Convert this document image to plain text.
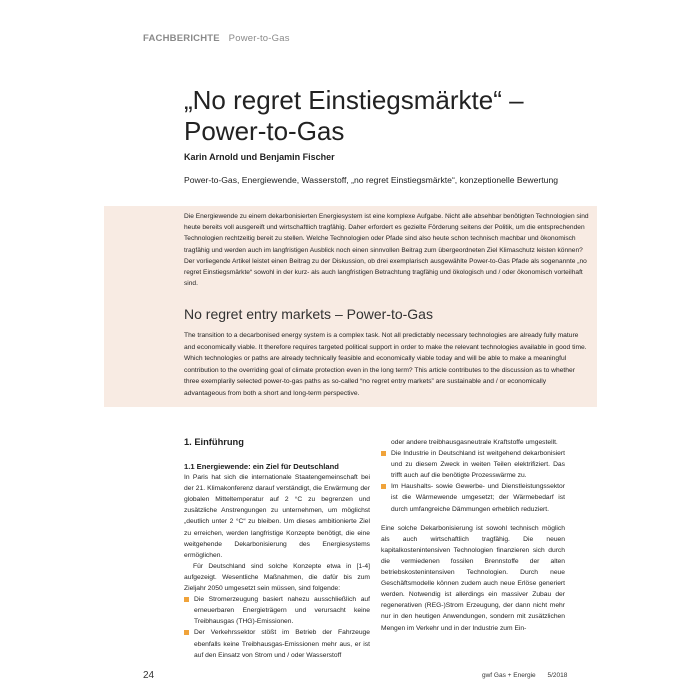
FACHBERICHTE Power-to-Gas
„No regret Einstiegsmärkte“ –
Power-to-Gas
Karin Arnold und Benjamin Fischer
Power-to-Gas, Energiewende, Wasserstoff, „no regret Einstiegsmärkte“, konzeptionelle Bewertung
Die Energiewende zu einem dekarbonisierten Energiesystem ist eine komplexe Aufgabe. Nicht alle absehbar benötigten Technologien sind heute bereits voll ausgereift und wirtschaftlich tragfähig. Daher erfordert es gezielte Förderung seitens der Politik, um die entsprechenden Technologien rechtzeitig bereit zu stellen. Welche Technologien oder Pfade sind also heute schon technisch machbar und ökonomisch tragfähig und werden auch im langfristigen Ausblick noch einen sinnvollen Beitrag zum übergeordneten Ziel Klimaschutz leisten können? Der vorliegende Artikel leistet einen Beitrag zu der Diskussion, ob drei exemplarisch ausgewählte Power-to-Gas Pfade als sogenannte „no regret Einstiegsmärkte“ sowohl in der kurz- als auch langfristigen Betrachtung tragfähig und ökologisch und / oder ökonomisch vorteilhaft sind.
No regret entry markets – Power-to-Gas
The transition to a decarbonised energy system is a complex task. Not all predictably necessary technologies are already fully mature and economically viable. It therefore requires targeted political support in order to make the relevant technologies available in good time. Which technologies or paths are already technically feasible and economically viable today and will be able to make a meaningful contribution to the overriding goal of climate protection even in the long term? This article contributes to the discussion as to whether three exemplarily selected power-to-gas paths as so-called “no regret entry markets” are sustainable and / or economically advantageous from both a short and long-term perspective.
1. Einführung
1.1 Energiewende: ein Ziel für Deutschland

In Paris hat sich die internationale Staatengemeinschaft bei der 21. Klimakonferenz darauf verständigt, die Erwärmung der globalen Mitteltemperatur auf 2 °C zu begrenzen und zusätzliche Anstrengungen zu unternehmen, um möglichst „deutlich unter 2 °C“ zu bleiben. Um dieses ambitionierte Ziel zu erreichen, werden langfristige Konzepte benötigt, die eine weitgehende Dekarbonisierung des Energiesystems ermöglichen.

Für Deutschland sind solche Konzepte etwa in [1-4] aufgezeigt. Wesentliche Maßnahmen, die dafür bis zum Zieljahr 2050 umgesetzt sein müssen, sind folgende:

Die Stromerzeugung basiert nahezu ausschließlich auf erneuerbaren Energieträgern und verursacht keine Treibhausgas (THG)-Emissionen.
Der Verkehrssektor stößt im Betrieb der Fahrzeuge ebenfalls keine Treibhausgas-Emissionen mehr aus, er ist auf den Einsatz von Strom und / oder Wasserstoff

oder andere treibhausgasneutrale Kraftstoffe umgestellt.

Die Industrie in Deutschland ist weitgehend dekarbonisiert und zu diesem Zweck in weiten Teilen elektrifiziert. Das trifft auch auf die benötigte Prozesswärme zu.
Im Haushalts- sowie Gewerbe- und Dienstleistungssektor ist die Wärmewende umgesetzt; der Wärmebedarf ist durch umfangreiche Dämmungen erheblich reduziert.

Eine solche Dekarbonisierung ist sowohl technisch möglich als auch wirtschaftlich tragfähig. Die neuen kapitalkostenintensiven Technologien finanzieren sich durch die vermiedenen fossilen Brennstoffe der alten betriebskostenintensiven Technologien. Durch neue Geschäftsmodelle können zudem auch neue Erlöse generiert werden. Notwendig ist allerdings ein massiver Zubau der regenerativen (REG-)Strom Erzeugung, der dann nicht mehr nur in den heutigen Anwendungen, sondern mit zusätzlichen Mengen im Verkehr und in der Industrie zum Ein-

24	gwf Gas + Energie 5/2018
